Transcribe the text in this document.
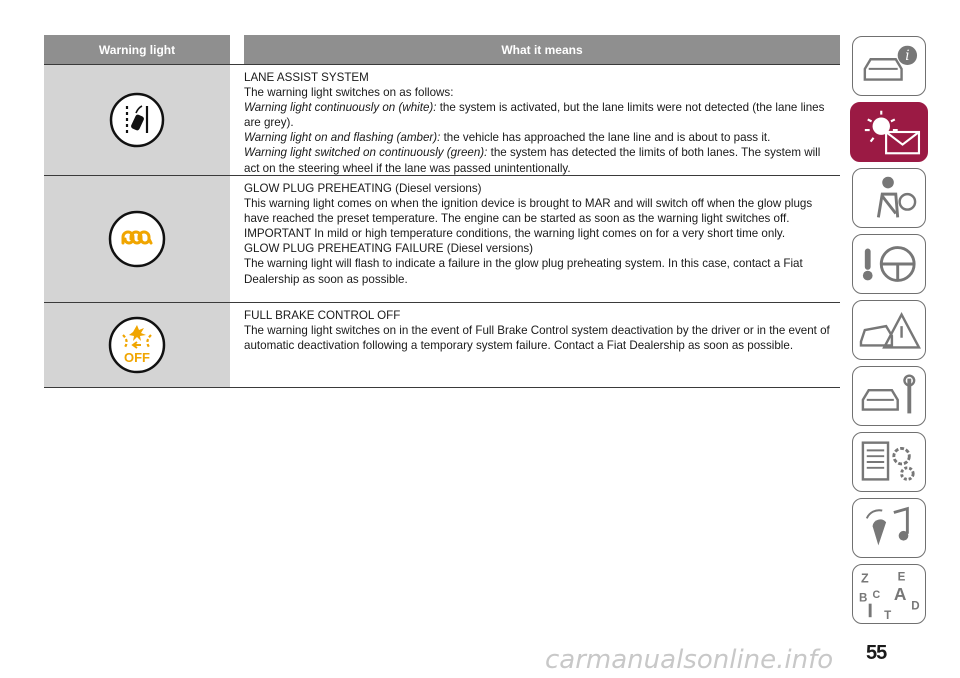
Warning light	What it means

LANE ASSIST SYSTEM

The warning light switches on as follows:

Warning light continuously on (white): the system is activated, but the lane limits were not detected (the lane lines are grey).

Warning light on and flashing (amber): the vehicle has approached the lane line and is about to pass it.

Warning light switched on continuously (green): the system has detected the limits of both lanes. The system will act on the steering wheel if the lane was passed unintentionally.

GLOW PLUG PREHEATING (Diesel versions)

This warning light comes on when the ignition device is brought to MAR and will switch off when the glow plugs have reached the preset temperature. The engine can be started as soon as the warning light switches off.

IMPORTANT In mild or high temperature conditions, the warning light comes on for a very short time only.

GLOW PLUG PREHEATING FAILURE (Diesel versions)

The warning light will flash to indicate a failure in the glow plug preheating system. In this case, contact a Fiat Dealership as soon as possible.

OFF

FULL BRAKE CONTROL OFF

The warning light switches on in the event of Full Brake Control system deactivation by the driver or in the event of automatic deactivation following a temporary system failure. Contact a Fiat Dealership as soon as possible.

i
Z E
B C A
D
T
55
carmanualsonline.info
